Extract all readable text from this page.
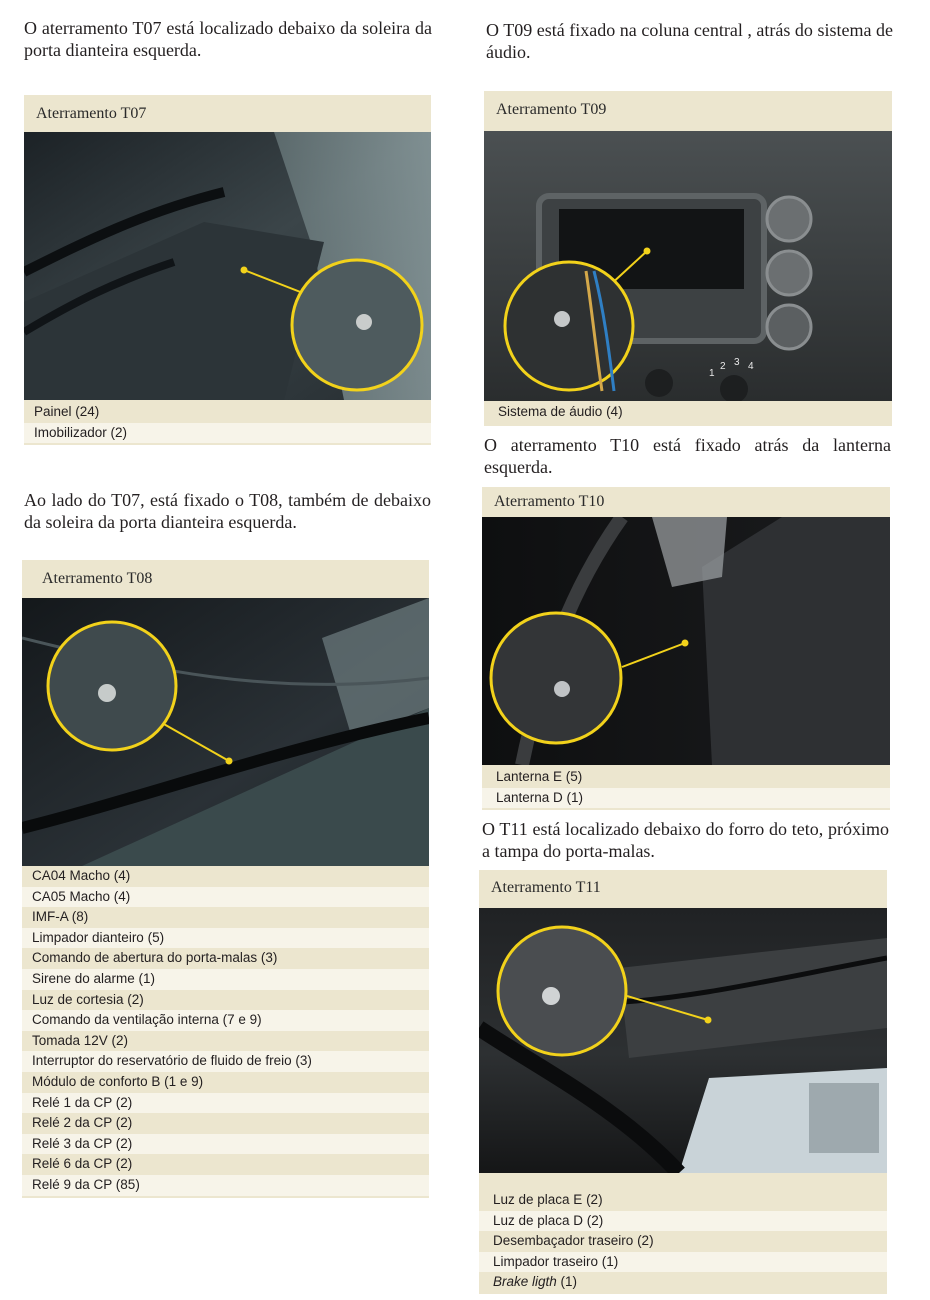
O aterramento T07 está localizado debaixo da soleira da porta dianteira esquerda.

Aterramento T07
Painel (24)
Imobilizador (2)

Ao lado do T07, está fixado o T08, também de debaixo da soleira da porta dianteira esquerda.

Aterramento T08
CA04 Macho (4)
CA05 Macho (4)
IMF-A (8)
Limpador dianteiro (5)
Comando de abertura do porta-malas (3)
Sirene do alarme (1)
Luz de cortesia (2)
Comando da ventilação interna (7 e 9)
Tomada 12V (2)
Interruptor do reservatório de fluido de freio (3)
Módulo de conforto B (1 e 9)
Relé 1 da CP (2)
Relé 2 da CP (2)
Relé 3 da CP (2)
Relé 6 da CP (2)
Relé 9 da CP (85)

O T09 está fixado na coluna central , atrás do sistema de áudio.

Aterramento T09
1
2 3 4
Sistema de áudio (4)

O aterramento T10 está fixado atrás da lanterna esquerda.

Aterramento T10
Lanterna E (5)
Lanterna D (1)

O T11 está localizado debaixo do forro do teto, próximo a tampa do porta-malas.

Aterramento T11
Luz de placa E (2)
Luz de placa D (2)
Desembaçador traseiro (2)
Limpador traseiro (1)
Brake ligth (1)
